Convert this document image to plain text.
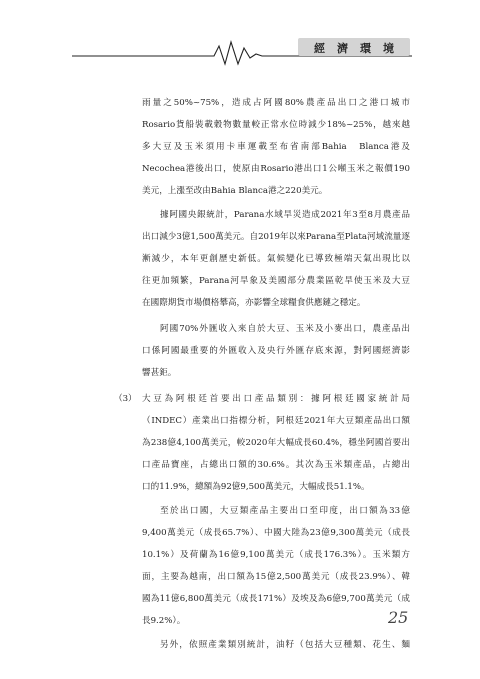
經濟環境
雨量之50%~75%，造成占阿國80%農產品出口之港口城市
Rosario貨船裝載穀物數量較正常水位時減少18%~25%，越來越
多大豆及玉米須用卡車運載至布省南部Bahia　Blanca港及
Necochea港後出口，使原由Rosario港出口1公噸玉米之報價190
美元，上漲至改由Bahia Blanca港之220美元。
據阿國央銀統計，Parana水域旱災造成2021年3至8月農產品
出口減少3億1,500萬美元。自2019年以來Parana至Plata河域流量逐
漸減少，本年更創歷史新低。氣候變化已導致極端天氣出現比以
往更加頻繁，Parana河旱象及美國部分農業區乾旱使玉米及大豆
在國際期貨市場價格攀高，亦影響全球糧食供應鏈之穩定。
阿國70%外匯收入來自於大豆、玉米及小麥出口，農產品出
口係阿國最重要的外匯收入及央行外匯存底來源，對阿國經濟影
響甚鉅。
（3） 大豆為阿根廷首要出口產品類別：據阿根廷國家統計局
（INDEC）產業出口指標分析，阿根廷2021年大豆類產品出口額
為238億4,100萬美元，較2020年大幅成長60.4%，穩坐阿國首要出
口產品寶座，占總出口額的30.6%。其次為玉米類產品，占總出
口的11.9%，總額為92億9,500萬美元，大幅成長51.1%。
至於出口國，大豆類產品主要出口至印度，出口額為33億
9,400萬美元（成長65.7%）、中國大陸為23億9,300萬美元（成長
10.1%）及荷蘭為16億9,100萬美元（成長176.3%）。玉米類方
面，主要為越南，出口額為15億2,500萬美元（成長23.9%）、韓
國為11億6,800萬美元（成長171%）及埃及為6億9,700萬美元（成
長9.2%）。
另外，依照產業類別統計，油籽（包括大豆種類、花生、麵
25
